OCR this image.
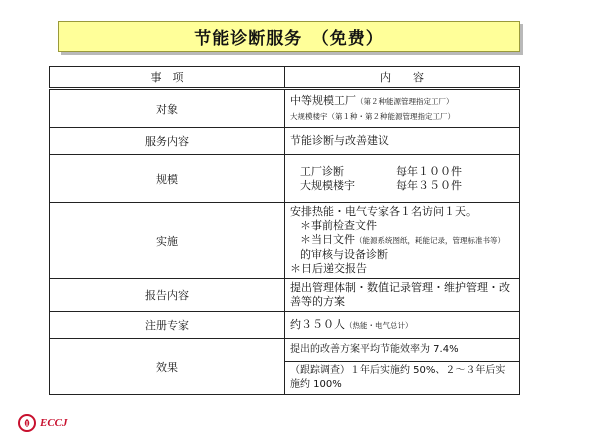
节能诊断服务　（免费）
事　项	内　　容
对象	中等规模工厂（第２种能源管理指定工厂）
大规模楼宇（第１种・第２种能源管理指定工厂）

服务内容	节能诊断与改善建议
规模	工厂诊断 每年１００件
大规模楼宇 每年３５０件

实施	安排热能・电气专家各１名访问１天。
＊事前检查文件
＊当日文件（能源系统图纸，耗能记录，管理标准书等）的审核与设备诊断
＊日后递交报告

报告内容	提出管理体制・数值记录管理・维护管理・改善等的方案
注册专家	约３５０人（热能・电气总计）
效果	提出的改善方案平均节能效率为 7.4%
	（跟踪调查）１年后实施约 50%、２～３年后实施约 100%
ECCJ
